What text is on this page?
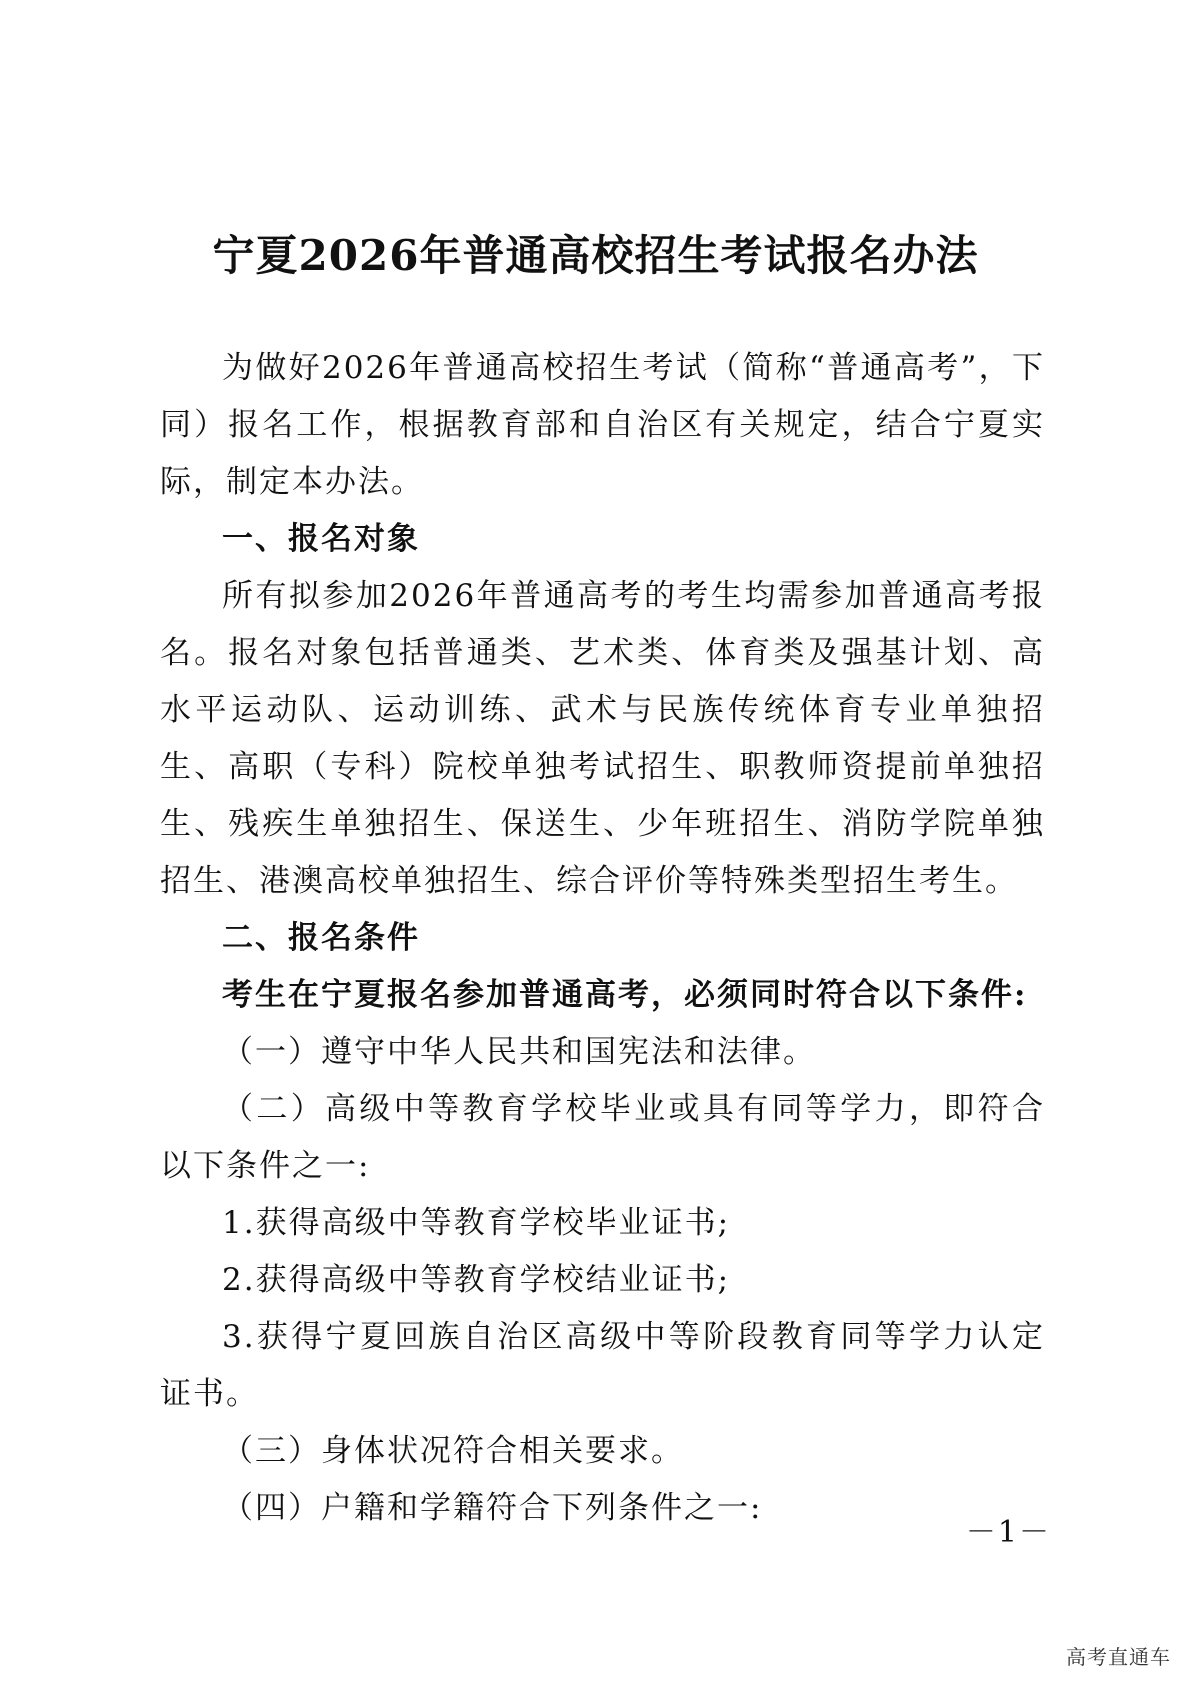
宁夏2026年普通高校招生考试报名办法

为做好2026年普通高校招生考试（简称“普通高考”，下同）报名工作，根据教育部和自治区有关规定，结合宁夏实际，制定本办法。

一、报名对象

所有拟参加2026年普通高考的考生均需参加普通高考报名。报名对象包括普通类、艺术类、体育类及强基计划、高水平运动队、运动训练、武术与民族传统体育专业单独招生、高职（专科）院校单独考试招生、职教师资提前单独招生、残疾生单独招生、保送生、少年班招生、消防学院单独招生、港澳高校单独招生、综合评价等特殊类型招生考生。

二、报名条件

考生在宁夏报名参加普通高考，必须同时符合以下条件:

（一）遵守中华人民共和国宪法和法律。

（二）高级中等教育学校毕业或具有同等学力，即符合以下条件之一:

1.获得高级中等教育学校毕业证书;

2.获得高级中等教育学校结业证书;

3.获得宁夏回族自治区高级中等阶段教育同等学力认定证书。

（三）身体状况符合相关要求。

（四）户籍和学籍符合下列条件之一:

－1－
高考直通车
